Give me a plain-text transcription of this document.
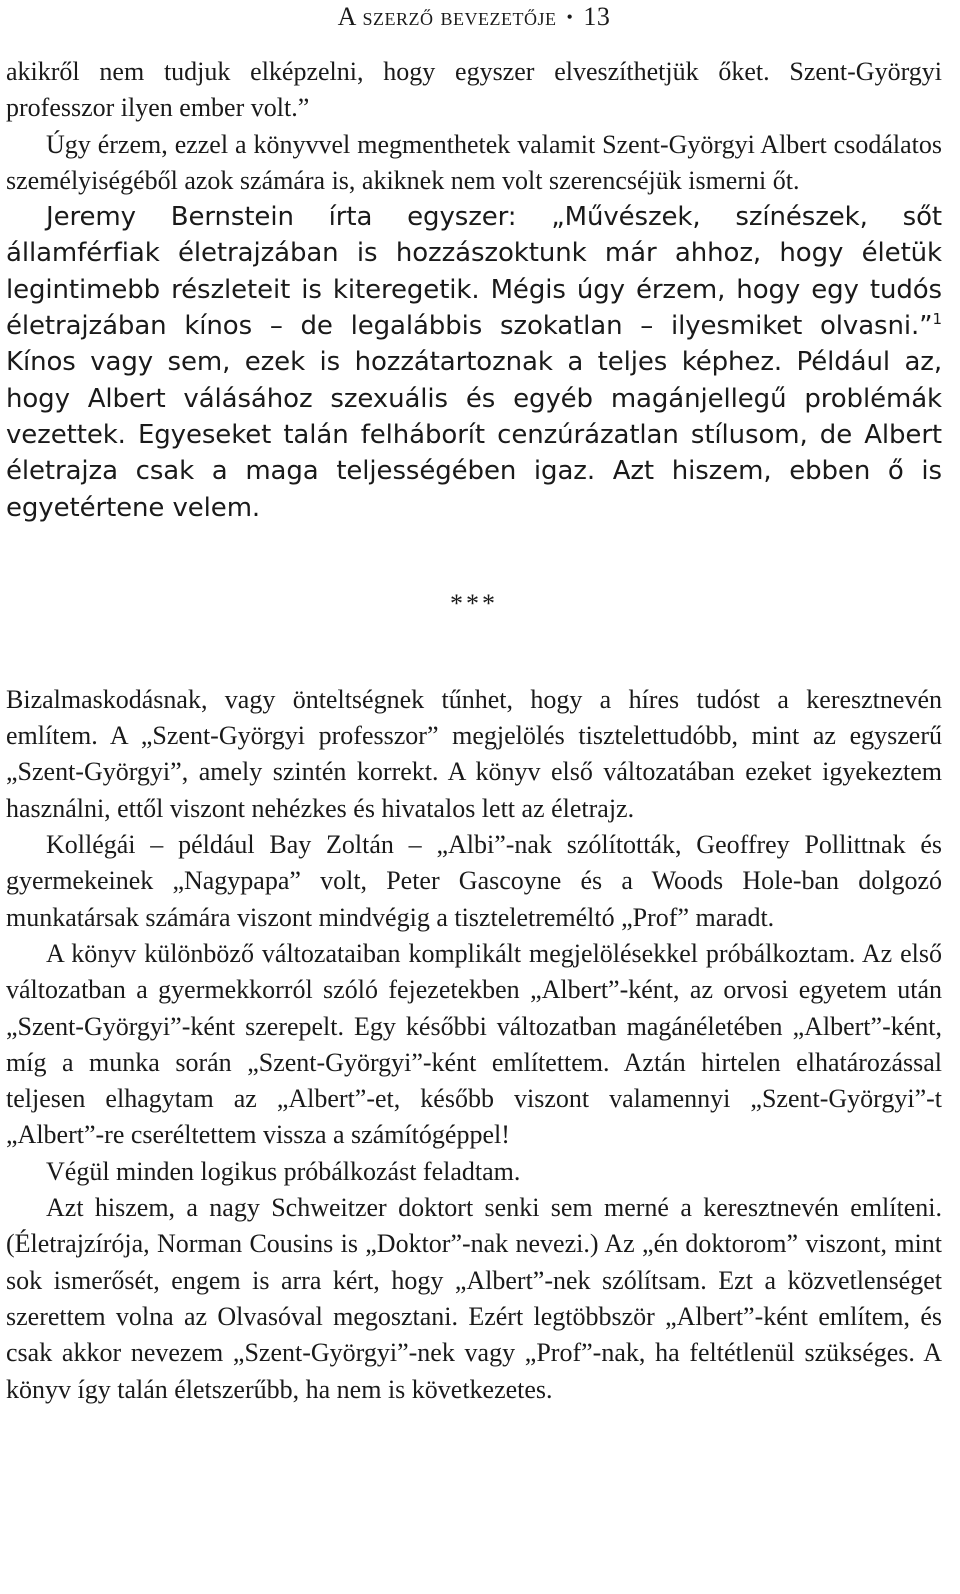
A szerző bevezetője • 13

akikről nem tudjuk elképzelni, hogy egyszer elveszíthetjük őket. Szent-Györgyi professzor ilyen ember volt.”

Úgy érzem, ezzel a könyvvel megmenthetek valamit Szent-Györgyi Albert csodálatos személyiségéből azok számára is, akiknek nem volt szerencséjük ismerni őt.

Jeremy Bernstein írta egyszer: „Művészek, színészek, sőt államférfiak életrajzában is hozzászoktunk már ahhoz, hogy életük legintimebb részleteit is kiteregetik. Mégis úgy érzem, hogy egy tudós életrajzában kínos – de legalábbis szokatlan – ilyesmiket olvasni.”$^1$ Kínos vagy sem, ezek is hozzátartoznak a teljes képhez. Például az, hogy Albert válásához szexuális és egyéb magánjellegű problémák vezettek. Egyeseket talán felháborít cenzúrázatlan stílusom, de Albert életrajza csak a maga teljességében igaz. Azt hiszem, ebben ő is egyetértene velem.

***

Bizalmaskodásnak, vagy önteltségnek tűnhet, hogy a híres tudóst a keresztnevén említem. A „Szent-Györgyi professzor” megjelölés tisztelettudóbb, mint az egyszerű „Szent-Györgyi”, amely szintén korrekt. A könyv első változatában ezeket igyekeztem használni, ettől viszont nehézkes és hivatalos lett az életrajz.

Kollégái – például Bay Zoltán – „Albi”-nak szólították, Geoffrey Pollittnak és gyermekeinek „Nagypapa” volt, Peter Gascoyne és a Woods Hole-ban dolgozó munkatársak számára viszont mindvégig a tiszteletreméltó „Prof” maradt.

A könyv különböző változataiban komplikált megjelölésekkel próbálkoztam. Az első változatban a gyermekkorról szóló fejezetekben „Albert”-ként, az orvosi egyetem után „Szent-Györgyi”-ként szerepelt. Egy későbbi változatban magánéletében „Albert”-ként, míg a munka során „Szent-Györgyi”-ként említettem. Aztán hirtelen elhatározással teljesen elhagytam az „Albert”-et, később viszont valamennyi „Szent-Györgyi”-t „Albert”-re cseréltettem vissza a számítógéppel!

Végül minden logikus próbálkozást feladtam.

Azt hiszem, a nagy Schweitzer doktort senki sem merné a keresztnevén említeni. (Életrajzírója, Norman Cousins is „Doktor”-nak nevezi.) Az „én doktorom” viszont, mint sok ismerősét, engem is arra kért, hogy „Albert”-nek szólítsam. Ezt a közvetlenséget szerettem volna az Olvasóval megosztani. Ezért legtöbbször „Albert”-ként említem, és csak akkor nevezem „Szent-Györgyi”-nek vagy „Prof”-nak, ha feltétlenül szükséges. A könyv így talán életszerűbb, ha nem is következetes.
